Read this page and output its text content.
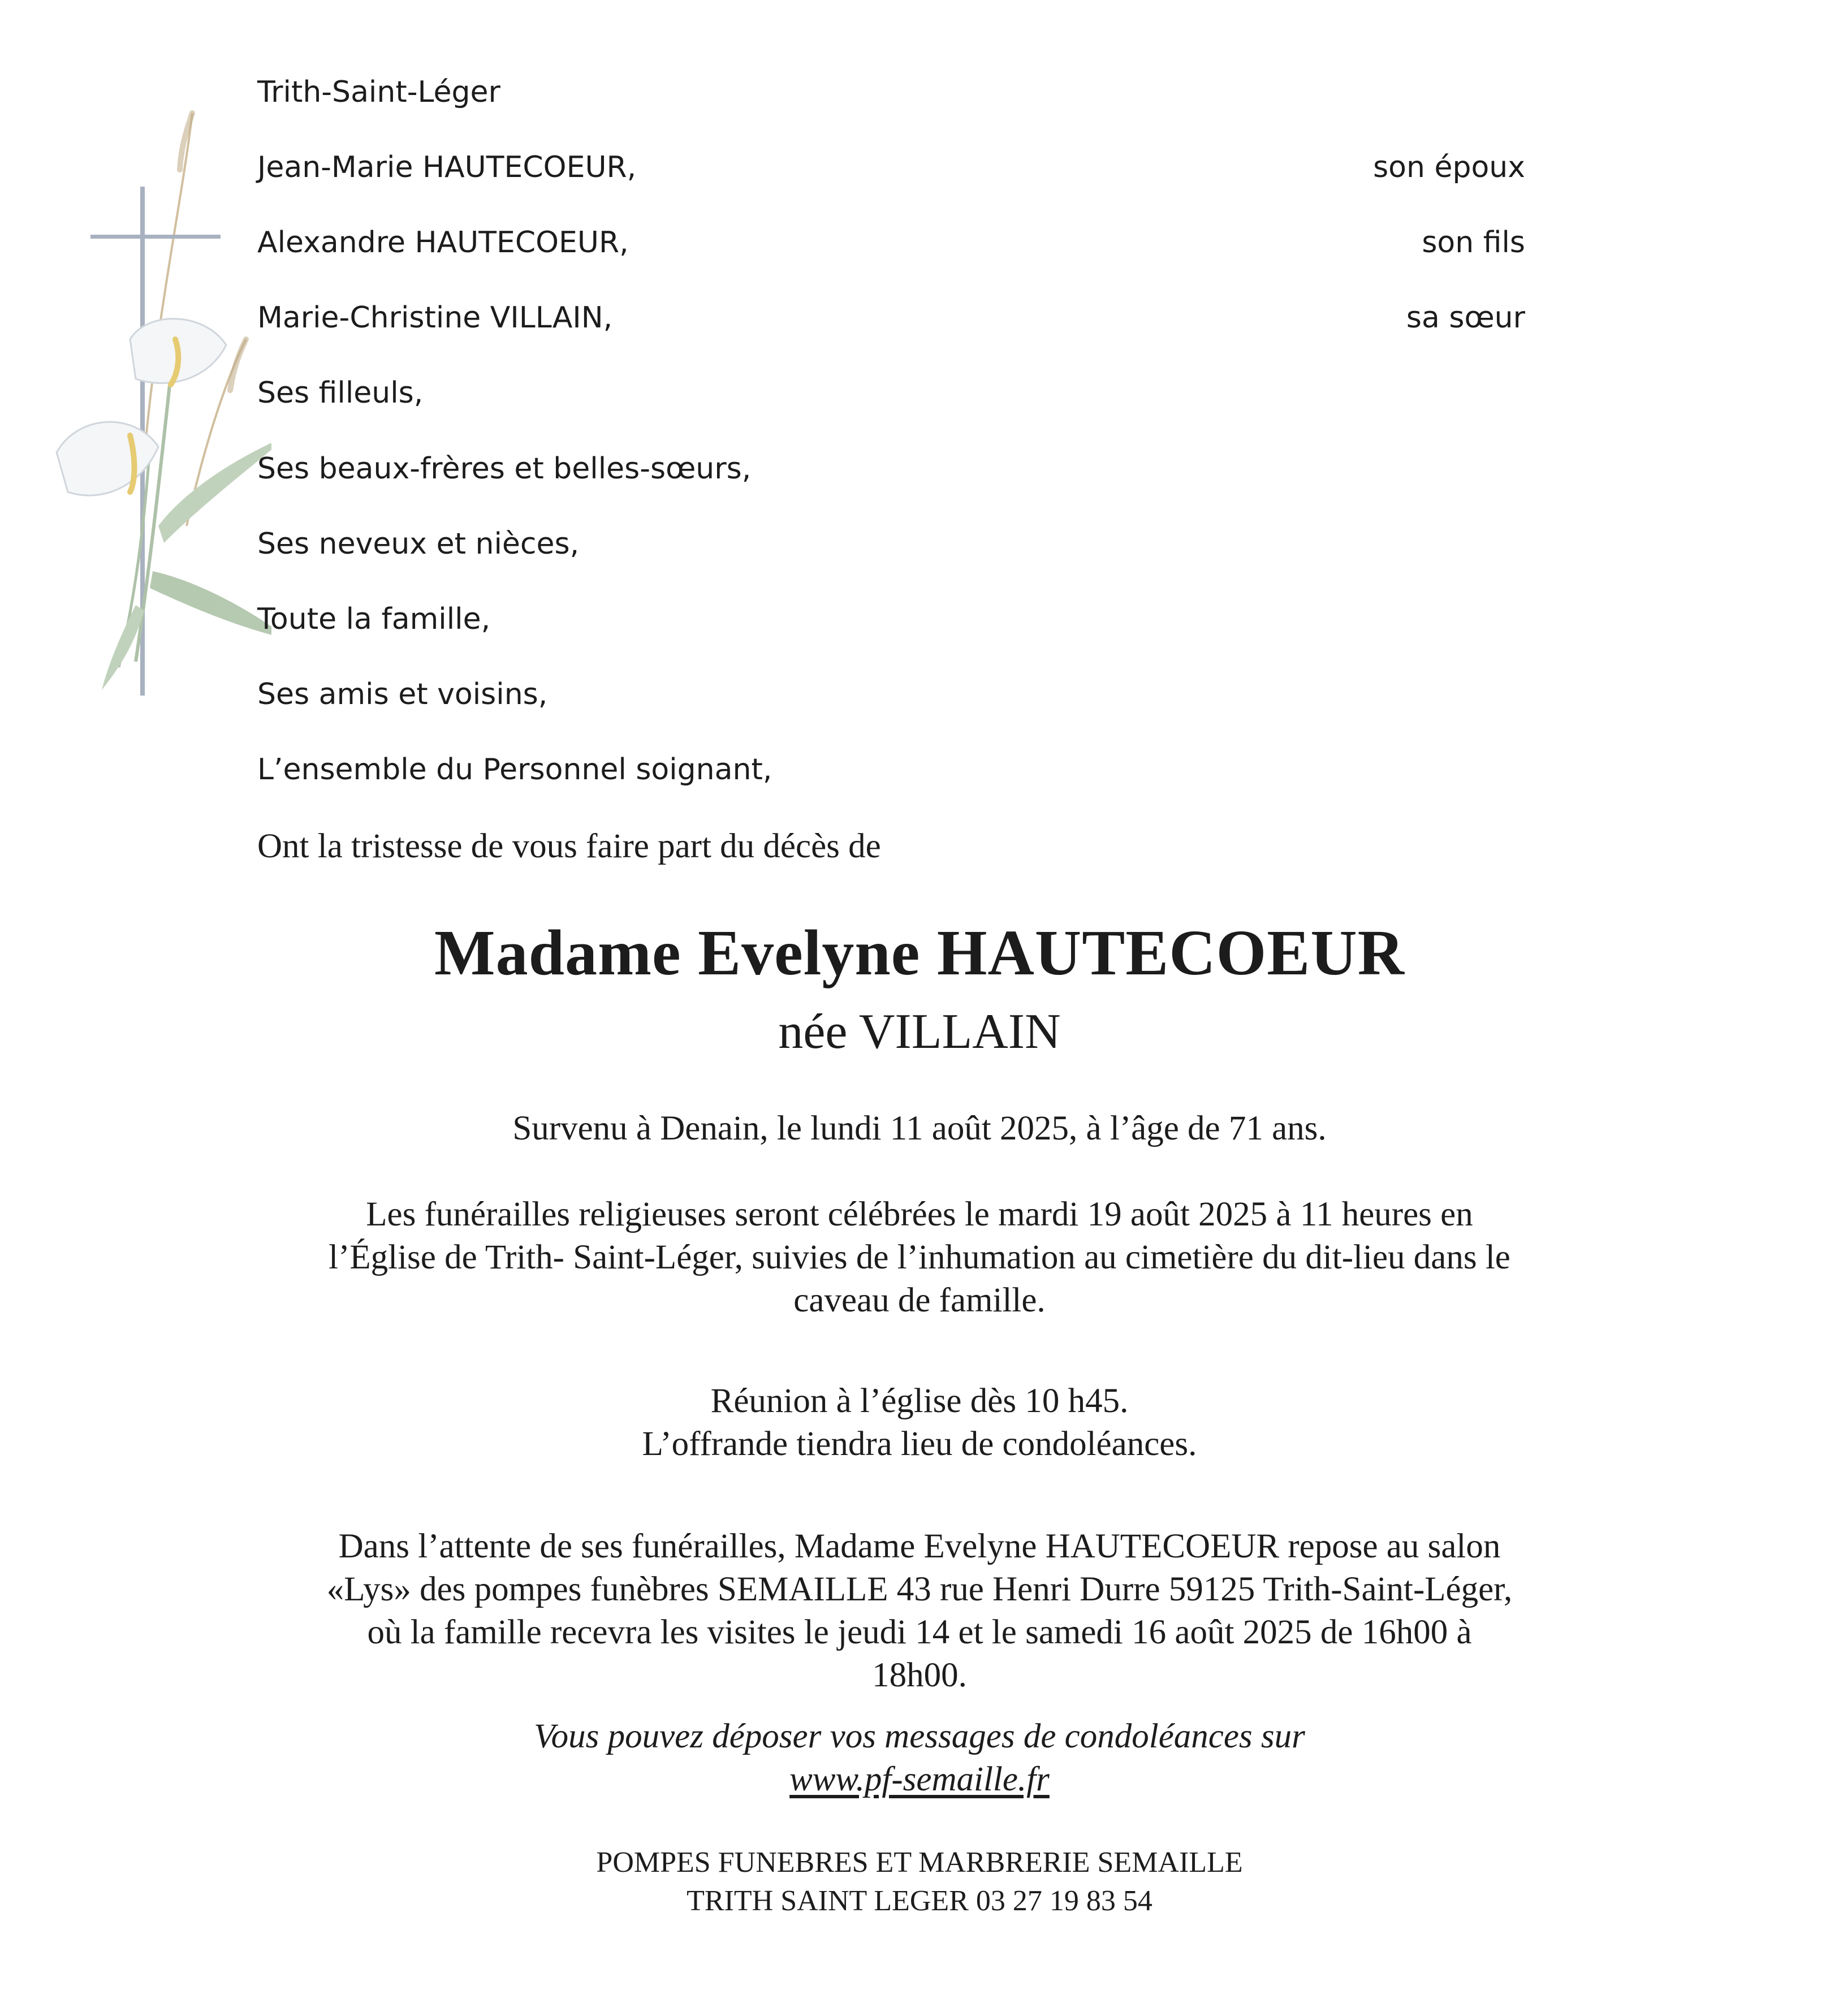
Trith-Saint-Léger
Jean-Marie HAUTECOEUR,	son époux
Alexandre HAUTECOEUR,	son fils
Marie-Christine VILLAIN,	sa sœur
Ses filleuls,
Ses beaux-frères et belles-sœurs,
Ses neveux et nièces,
Toute la famille,
Ses amis et voisins,
L’ensemble du Personnel soignant,
Ont la tristesse de vous faire part du décès de
Madame Evelyne HAUTECOEUR
née VILLAIN
Survenu à Denain, le lundi 11 août 2025, à l’âge de 71 ans.
Les funérailles religieuses seront célébrées le mardi 19 août 2025 à 11 heures en
l’Église de Trith- Saint-Léger, suivies de l’inhumation au cimetière du dit-lieu dans le
caveau de famille.
Réunion à l’église dès 10 h45.
L’offrande tiendra lieu de condoléances.
Dans l’attente de ses funérailles, Madame Evelyne HAUTECOEUR repose au salon
«Lys» des pompes funèbres SEMAILLE 43 rue Henri Durre 59125 Trith-Saint-Léger,
où la famille recevra les visites le jeudi 14 et le samedi 16 août 2025 de 16h00 à
18h00.
Vous pouvez déposer vos messages de condoléances sur
www.pf-semaille.fr
POMPES FUNEBRES ET MARBRERIE SEMAILLE
TRITH SAINT LEGER 03 27 19 83 54
